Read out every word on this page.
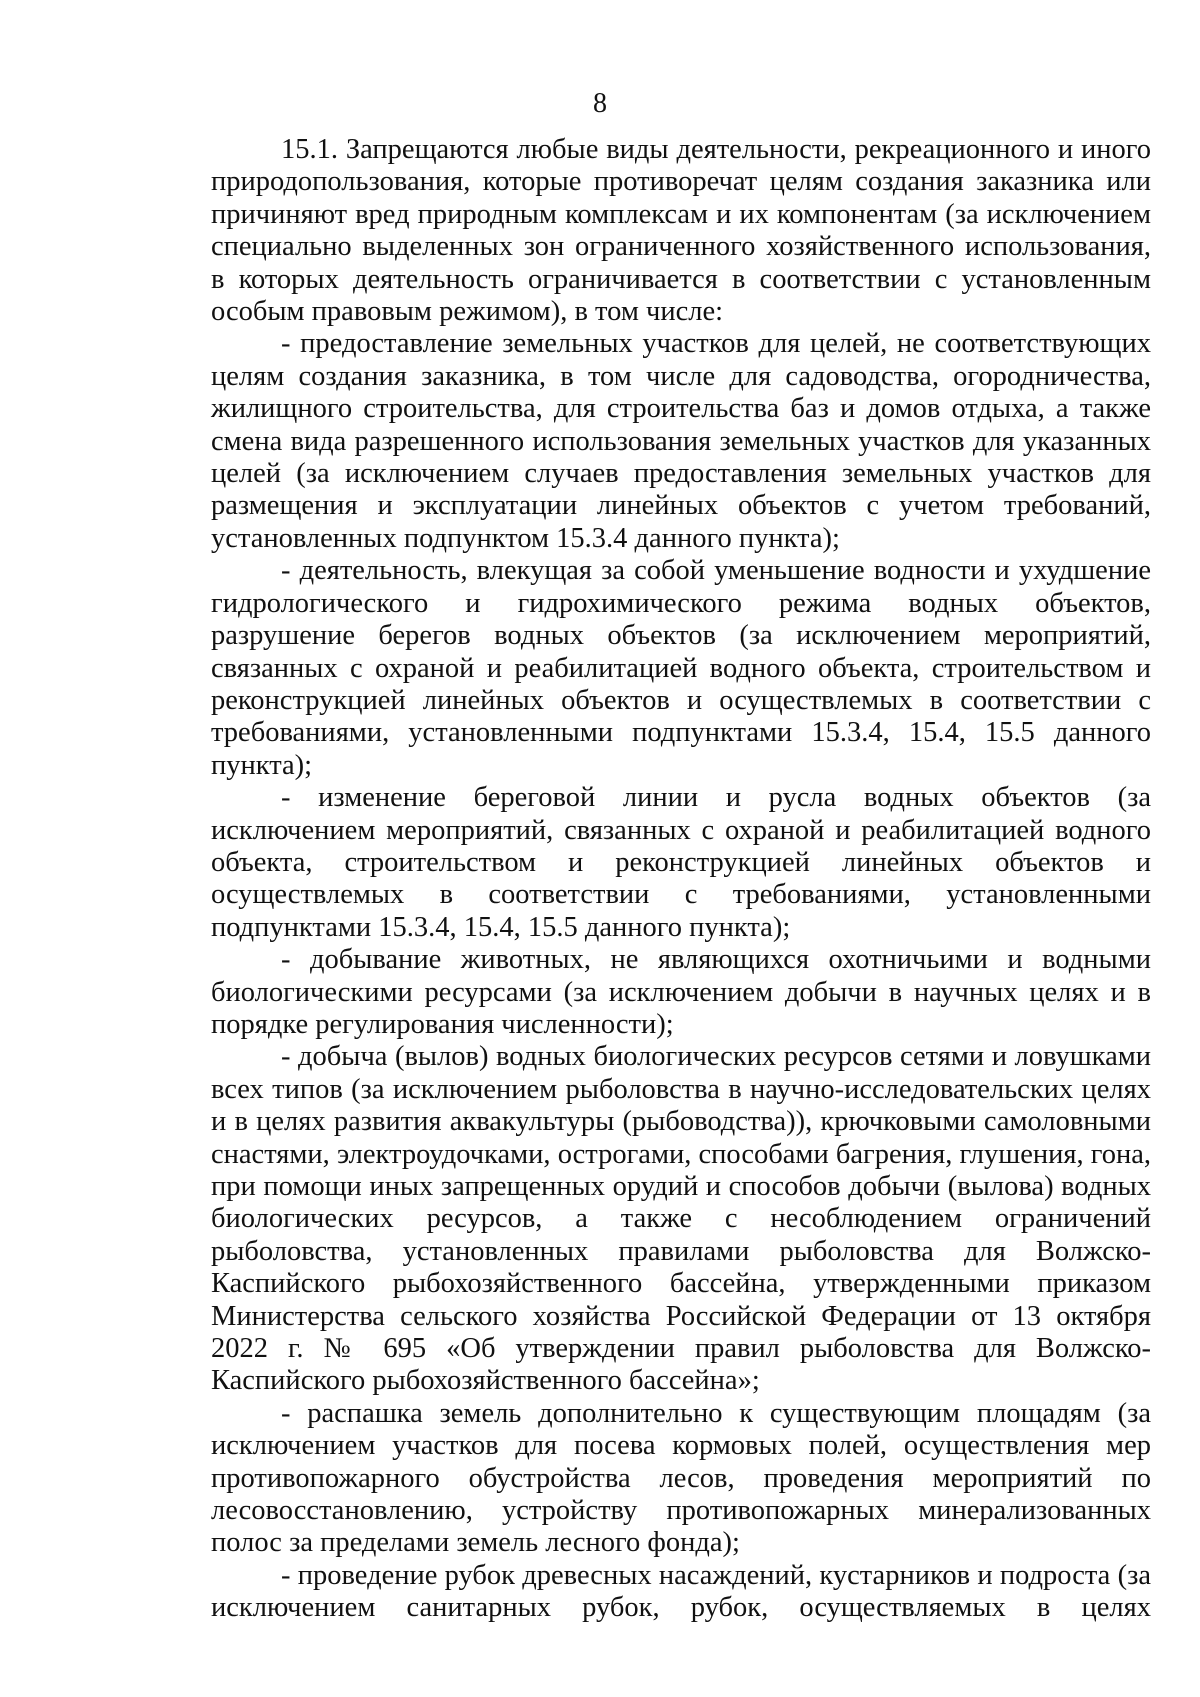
8

15.1. Запрещаются любые виды деятельности, рекреационного и иного природопользования, которые противоречат целям создания заказника или причиняют вред природным комплексам и их компонентам (за исключением специально выделенных зон ограниченного хозяйственного использования, в которых деятельность ограничивается в соответствии с установленным особым правовым режимом), в том числе:

- предоставление земельных участков для целей, не соответствующих целям создания заказника, в том числе для садоводства, огородничества, жилищного строительства, для строительства баз и домов отдыха, а также смена вида разрешенного использования земельных участков для указанных целей (за исключением случаев предоставления земельных участков для размещения и эксплуатации линейных объектов с учетом требований, установленных подпунктом 15.3.4 данного пункта);

- деятельность, влекущая за собой уменьшение водности и ухудшение гидрологического и гидрохимического режима водных объектов, разрушение берегов водных объектов (за исключением мероприятий, связанных с охраной и реабилитацией водного объекта, строительством и реконструкцией линейных объектов и осуществлемых в соответствии с требованиями, установленными подпунктами 15.3.4, 15.4, 15.5 данного пункта);

- изменение береговой линии и русла водных объектов (за исключением мероприятий, связанных с охраной и реабилитацией водного объекта, строительством и реконструкцией линейных объектов и осуществлемых в соответствии с требованиями, установленными подпунктами 15.3.4, 15.4, 15.5 данного пункта);

- добывание животных, не являющихся охотничьими и водными биологическими ресурсами (за исключением добычи в научных целях и в порядке регулирования численности);

- добыча (вылов) водных биологических ресурсов сетями и ловушками всех типов (за исключением рыболовства в научно-исследовательских целях и в целях развития аквакультуры (рыбоводства)), крючковыми самоловными снастями, электроудочками, острогами, способами багрения, глушения, гона, при помощи иных запрещенных орудий и способов добычи (вылова) водных биологических ресурсов, а также с несоблюдением ограничений рыболовства, установленных правилами рыболовства для Волжско-Каспийского рыбохозяйственного бассейна, утвержденными приказом Министерства сельского хозяйства Российской Федерации от 13 октября 2022 г. № 695 «Об утверждении правил рыболовства для Волжско-Каспийского рыбохозяйственного бассейна»;

- распашка земель дополнительно к существующим площадям (за исключением участков для посева кормовых полей, осуществления мер противопожарного обустройства лесов, проведения мероприятий по лесовосстановлению, устройству противопожарных минерализованных полос за пределами земель лесного фонда);

- проведение рубок древесных насаждений, кустарников и подроста (за исключением санитарных рубок, рубок, осуществляемых в целях
